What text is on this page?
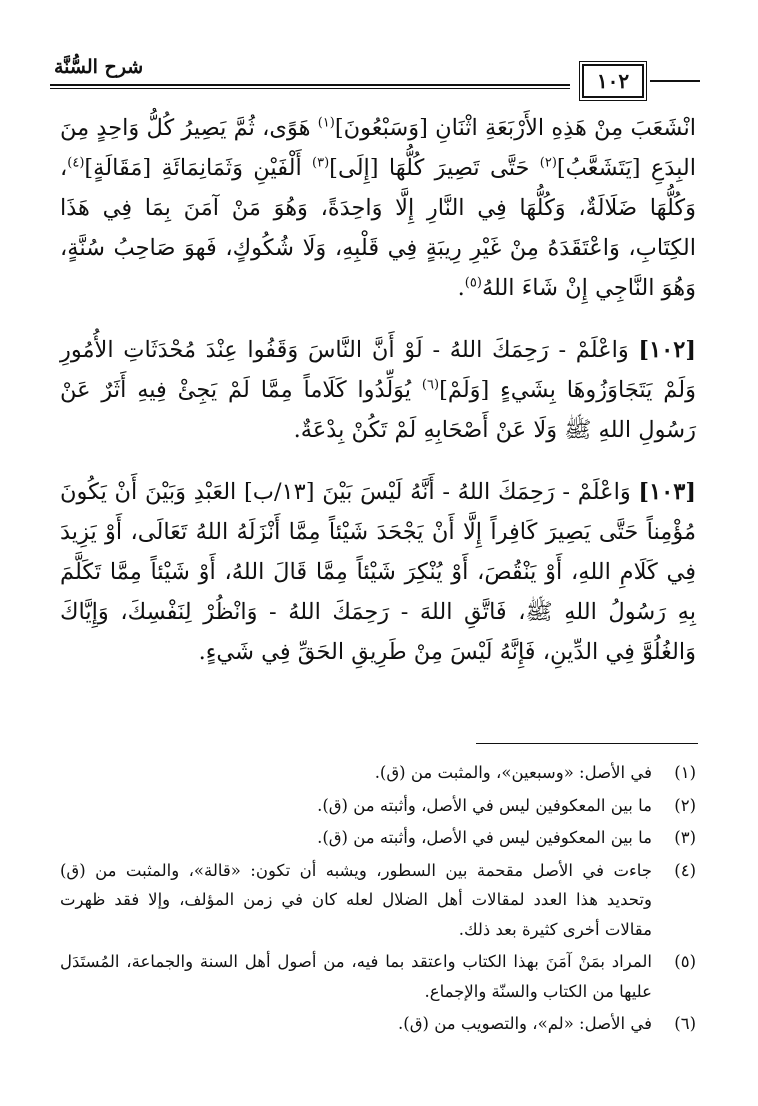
شرح السُّنَّة
١٠٢

انْشَعَبَ مِنْ هَذِهِ الأَرْبَعَةِ اثْنَانِ [وَسَبْعُونَ]$^{(١)}$ هَوًى، ثُمَّ يَصِيرُ كُلُّ وَاحِدٍ مِنَ البِدَعِ [يَتَشَعَّبُ]$^{(٢)}$ حَتَّى تَصِيرَ كُلُّهَا [إِلَى]$^{(٣)}$ أَلْفَيْنِ وَثَمَانِمَائَةِ [مَقَالَةٍ]$^{(٤)}$، وَكُلُّهَا ضَلَالَةٌ، وَكُلُّهَا فِي النَّارِ إِلَّا وَاحِدَةً، وَهُوَ مَنْ آمَنَ بِمَا فِي هَذَا الكِتَابِ، وَاعْتَقَدَهُ مِنْ غَيْرِ رِيبَةٍ فِي قَلْبِهِ، وَلَا شُكُوكٍ، فَهوَ صَاحِبُ سُنَّةٍ، وَهُوَ النَّاجِي إِنْ شَاءَ اللهُ$^{(٥)}$.

[١٠٢] وَاعْلَمْ - رَحِمَكَ اللهُ - لَوْ أَنَّ النَّاسَ وَقَفُوا عِنْدَ مُحْدَثَاتِ الأُمُورِ وَلَمْ يَتَجَاوَزُوهَا بِشَيءٍ [وَلَمْ]$^{(٦)}$ يُوَلِّدُوا كَلَاماً مِمَّا لَمْ يَجِئْ فِيهِ أَثَرٌ عَنْ رَسُولِ اللهِ ﷺ وَلَا عَنْ أَصْحَابِهِ لَمْ تَكُنْ بِدْعَةٌ.

[١٠٣] وَاعْلَمْ - رَحِمَكَ اللهُ - أَنَّهُ لَيْسَ بَيْنَ [١٣/ب] العَبْدِ وَبَيْنَ أَنْ يَكُونَ مُؤْمِناً حَتَّى يَصِيرَ كَافِراً إِلَّا أَنْ يَجْحَدَ شَيْئاً مِمَّا أَنْزَلَهُ اللهُ تَعَالَى، أَوْ يَزِيدَ فِي كَلَامِ اللهِ، أَوْ يَنْقُصَ، أَوْ يُنْكِرَ شَيْئاً مِمَّا قَالَ اللهُ، أَوْ شَيْئاً مِمَّا تَكَلَّمَ بِهِ رَسُولُ اللهِ ﷺ، فَاتَّقِ اللهَ - رَحِمَكَ اللهُ - وَانْظُرْ لِنَفْسِكَ، وَإِيَّاكَ وَالغُلُوَّ فِي الدِّينِ، فَإِنَّهُ لَيْسَ مِنْ طَرِيقِ الحَقِّ فِي شَيءٍ.

(١)
في الأصل: «وسبعين»، والمثبت من (ق).
(٢)
ما بين المعكوفين ليس في الأصل، وأثبته من (ق).
(٣)
ما بين المعكوفين ليس في الأصل، وأثبته من (ق).
(٤)
جاءت في الأصل مقحمة بين السطور، ويشبه أن تكون: «قالة»، والمثبت من (ق) وتحديد هذا العدد لمقالات أهل الضلال لعله كان في زمن المؤلف، وإلا فقد ظهرت مقالات أخرى كثيرة بعد ذلك.
(٥)
المراد بمَنْ آمَنَ بهذا الكتاب واعتقد بما فيه، من أصول أهل السنة والجماعة، المُستَدَل عليها من الكتاب والسنّة والإجماع.
(٦)
في الأصل: «لم»، والتصويب من (ق).
